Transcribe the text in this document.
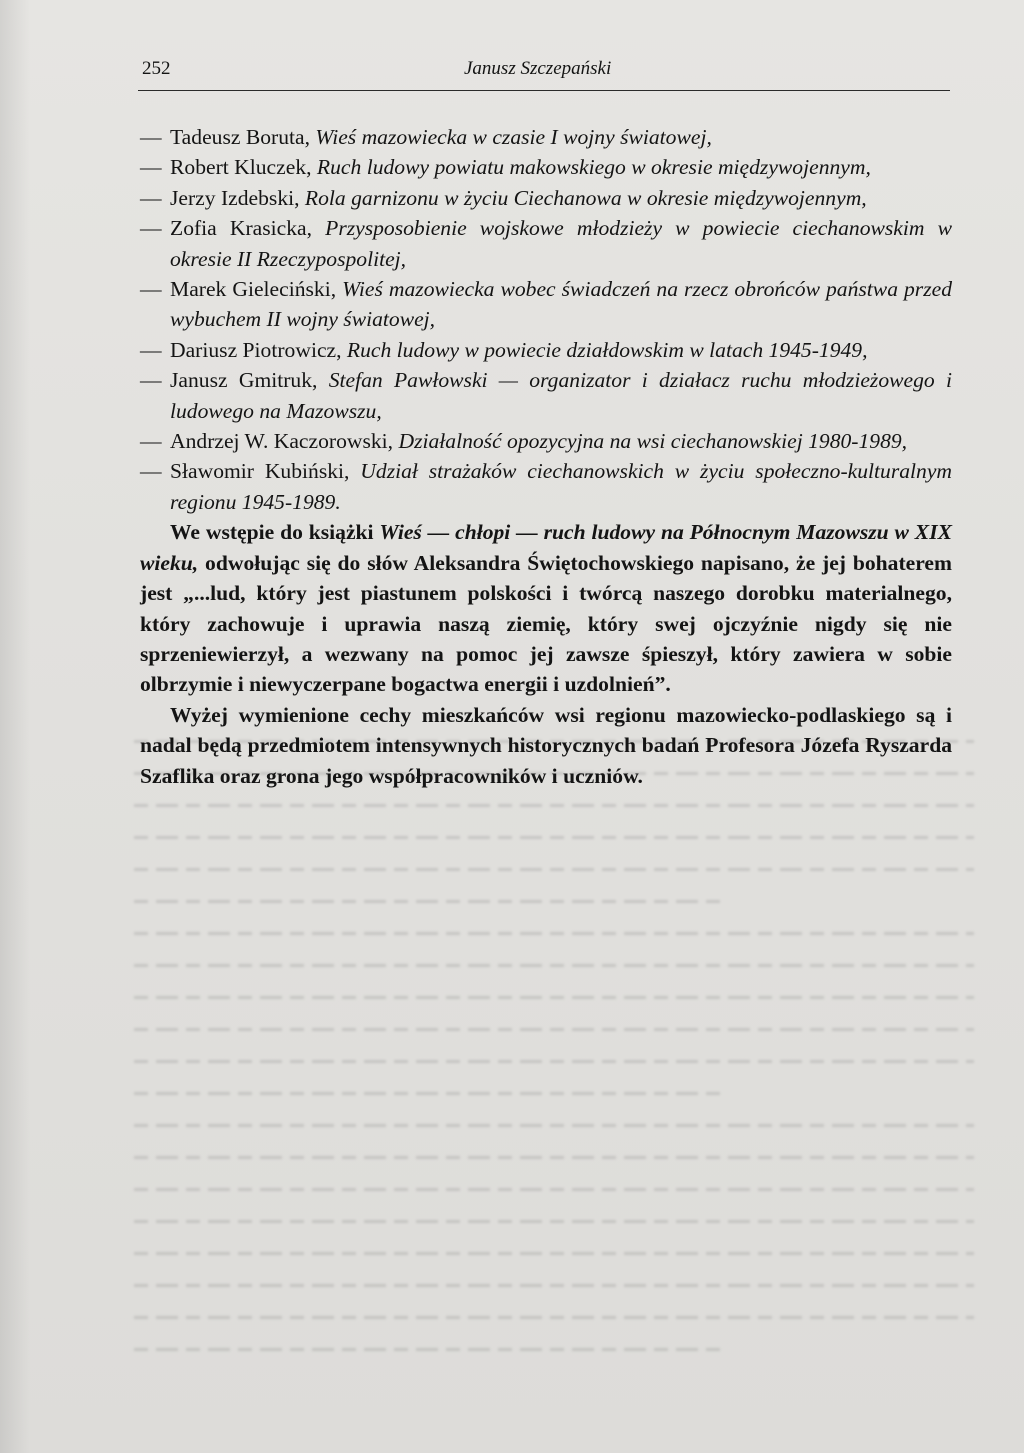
252	Janusz Szczepański

— Tadeusz Boruta, Wieś mazowiecka w czasie I wojny światowej,

— Robert Kluczek, Ruch ludowy powiatu makowskiego w okresie międzywojennym,

— Jerzy Izdebski, Rola garnizonu w życiu Ciechanowa w okresie międzywojennym,

— Zofia Krasicka, Przysposobienie wojskowe młodzieży w powiecie ciechanowskim w okresie II Rzeczypospolitej,

— Marek Gieleciński, Wieś mazowiecka wobec świadczeń na rzecz obrońców państwa przed wybuchem II wojny światowej,

— Dariusz Piotrowicz, Ruch ludowy w powiecie działdowskim w latach 1945-1949,

— Janusz Gmitruk, Stefan Pawłowski — organizator i działacz ruchu młodzieżowego i ludowego na Mazowszu,

— Andrzej W. Kaczorowski, Działalność opozycyjna na wsi ciechanowskiej 1980-1989,

— Sławomir Kubiński, Udział strażaków ciechanowskich w życiu społeczno-kulturalnym regionu 1945-1989.

We wstępie do książki Wieś — chłopi — ruch ludowy na Północnym Mazowszu w XIX wieku, odwołując się do słów Aleksandra Świętochowskiego napisano, że jej bohaterem jest „...lud, który jest piastunem polskości i twórcą naszego dorobku materialnego, który zachowuje i uprawia naszą ziemię, który swej ojczyźnie nigdy się nie sprzeniewierzył, a wezwany na pomoc jej zawsze śpieszył, który zawiera w sobie olbrzymie i niewyczerpane bogactwa energii i uzdolnień”.

Wyżej wymienione cechy mieszkańców wsi regionu mazowiecko-podlaskiego są i nadal będą przedmiotem intensywnych historycznych badań Profesora Józefa Ryszarda Szaflika oraz grona jego współpracowników i uczniów.
